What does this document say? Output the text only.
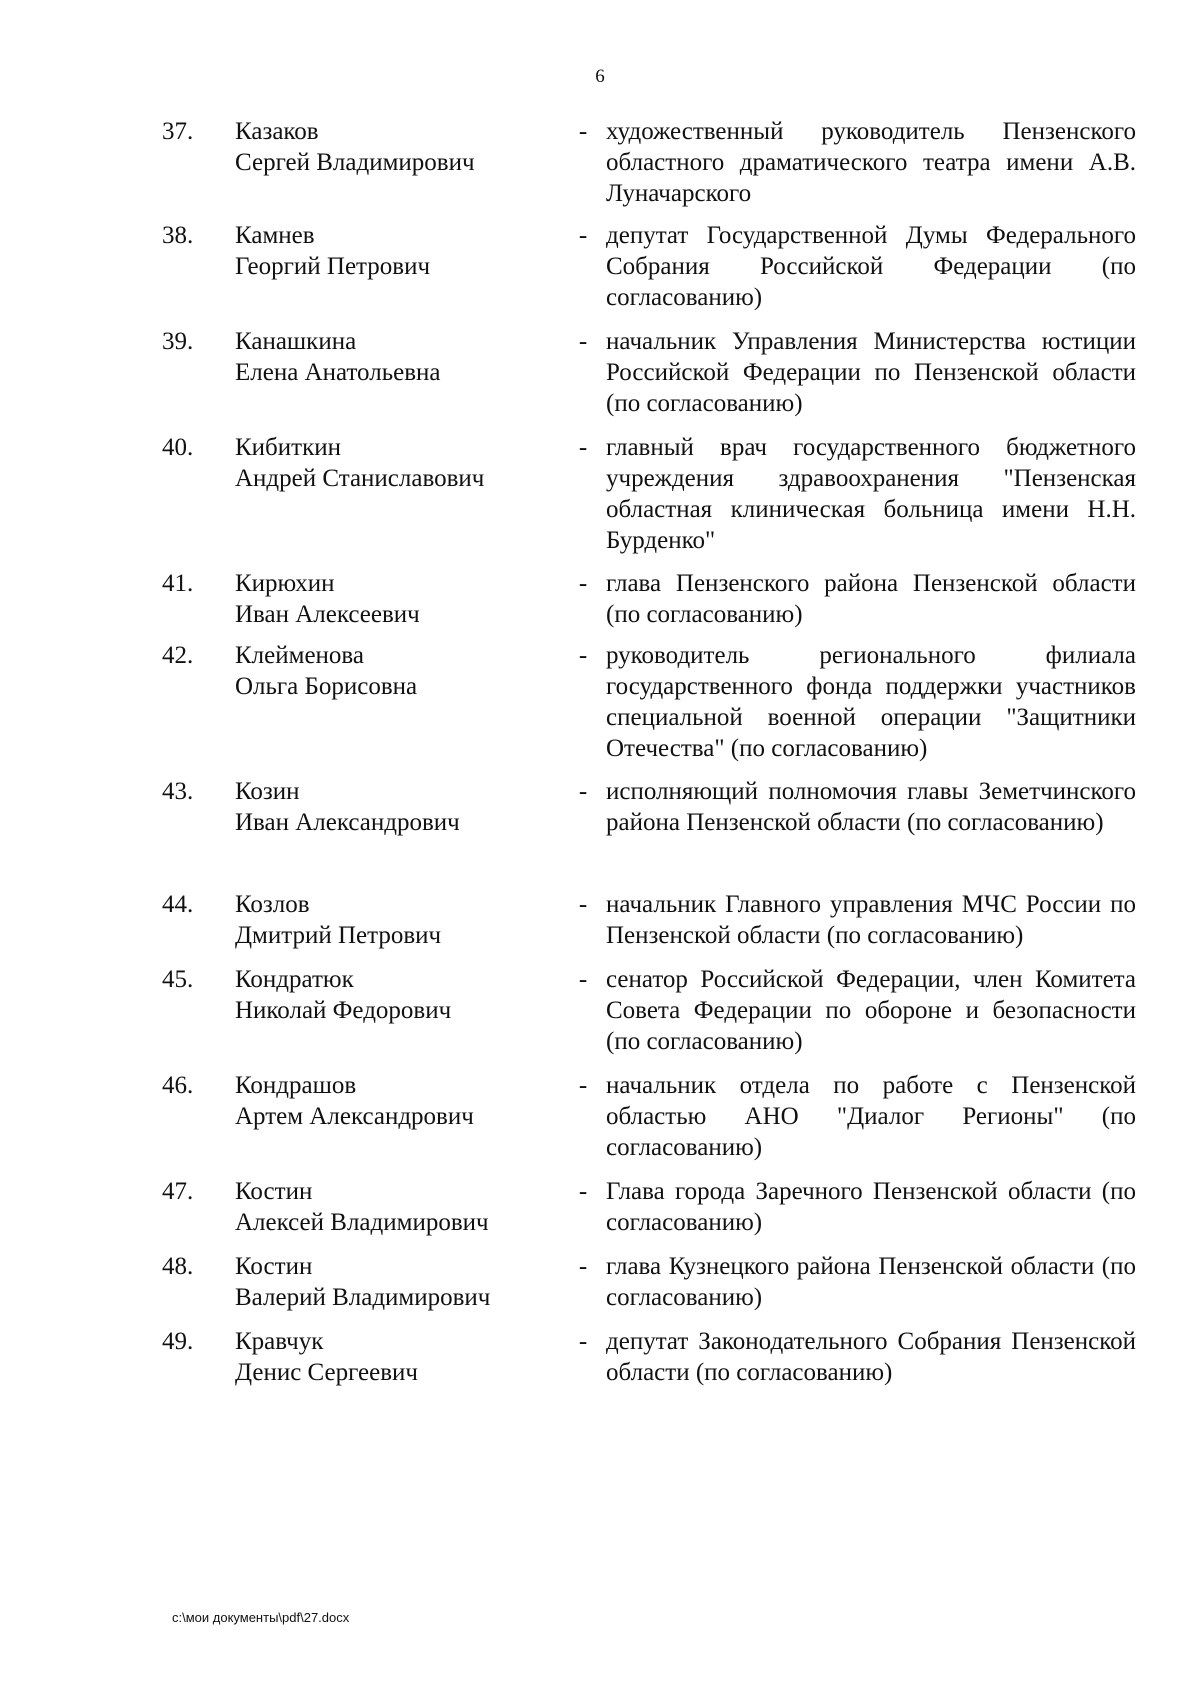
6
37.	Казаков
Сергей Владимирович
- художественный руководитель Пензенского областного драматического театра имени А.В. Луначарского
38.	Камнев
Георгий Петрович
- депутат Государственной Думы Федерального Собрания Российской Федерации (по согласованию)
39.	Канашкина
Елена Анатольевна
- начальник Управления Министерства юстиции Российской Федерации по Пензенской области (по согласованию)
40.	Кибиткин
Андрей Станиславович
- главный врач государственного бюджетного учреждения здравоохранения "Пензенская областная клиническая больница имени Н.Н. Бурденко"
41.	Кирюхин
Иван Алексеевич
- глава Пензенского района Пензенской области (по согласованию)
42.	Клейменова
Ольга Борисовна
- руководитель регионального филиала государственного фонда поддержки участников специальной военной операции "Защитники Отечества" (по согласованию)
43.	Козин
Иван Александрович
- исполняющий полномочия главы Земетчинского района Пензенской области (по согласованию)
44.	Козлов
Дмитрий Петрович
- начальник Главного управления МЧС России по Пензенской области (по согласованию)
45.	Кондратюк
Николай Федорович
- сенатор Российской Федерации, член Комитета Совета Федерации по обороне и безопасности (по согласованию)
46.	Кондрашов
Артем Александрович
- начальник отдела по работе с Пензенской областью АНО "Диалог Регионы" (по согласованию)
47.	Костин
Алексей Владимирович
- Глава города Заречного Пензенской области (по согласованию)
48.	Костин
Валерий Владимирович
- глава Кузнецкого района Пензенской области (по согласованию)
49.	Кравчук
Денис Сергеевич
- депутат Законодательного Собрания Пензенской области (по согласованию)
c:\мои документы\pdf\27.docx
